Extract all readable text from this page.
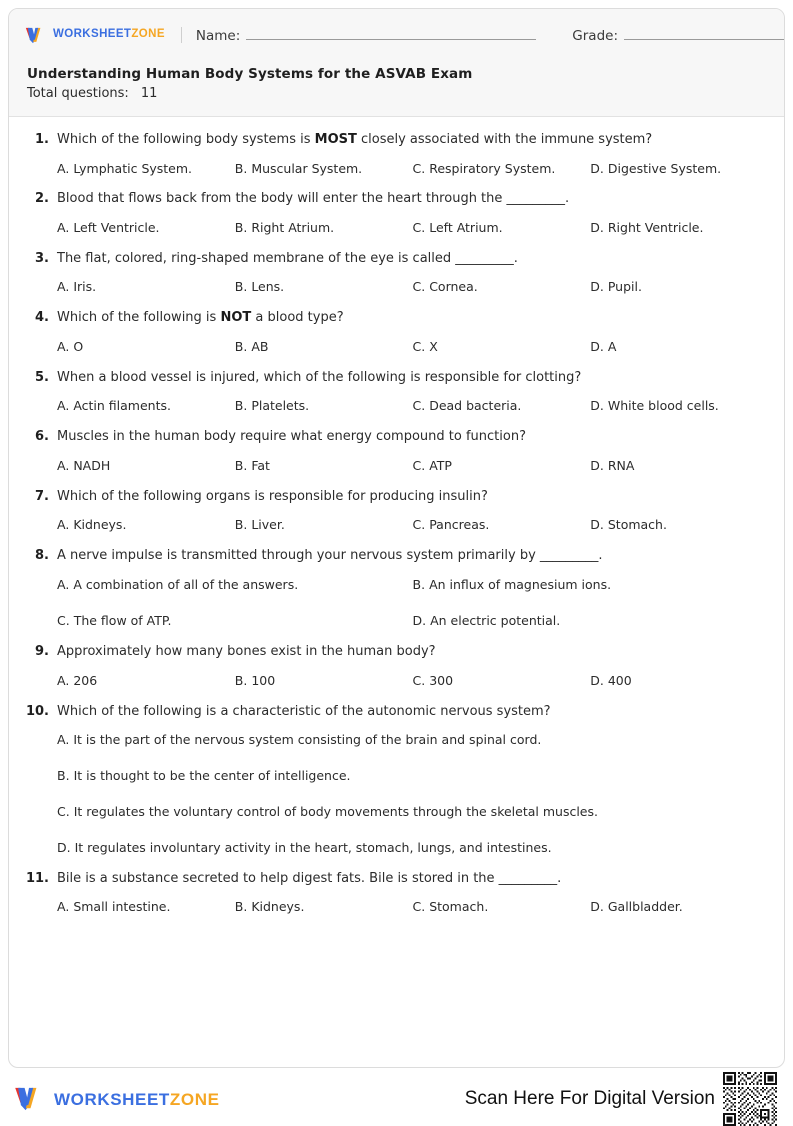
WORKSHEETZONE Name:	Grade:
Understanding Human Body Systems for the ASVAB Exam
Total questions: 11
1. Which of the following body systems is MOST closely associated with the immune system?
A. Lymphatic System.	B. Muscular System.	C. Respiratory System.	D. Digestive System.
2. Blood that flows back from the body will enter the heart through the _________.
A. Left Ventricle.	B. Right Atrium.	C. Left Atrium.	D. Right Ventricle.
3. The flat, colored, ring-shaped membrane of the eye is called _________.
A. Iris.	B. Lens.	C. Cornea.	D. Pupil.
4. Which of the following is NOT a blood type?
A. O	B. AB	C. X	D. A
5. When a blood vessel is injured, which of the following is responsible for clotting?
A. Actin filaments.	B. Platelets.	C. Dead bacteria.	D. White blood cells.
6. Muscles in the human body require what energy compound to function?
A. NADH	B. Fat	C. ATP	D. RNA
7. Which of the following organs is responsible for producing insulin?
A. Kidneys.	B. Liver.	C. Pancreas.	D. Stomach.
8. A nerve impulse is transmitted through your nervous system primarily by _________.
A. A combination of all of the answers.	B. An influx of magnesium ions.
C. The flow of ATP.	D. An electric potential.
9. Approximately how many bones exist in the human body?
A. 206	B. 100	C. 300	D. 400
10. Which of the following is a characteristic of the autonomic nervous system?
A. It is the part of the nervous system consisting of the brain and spinal cord.
B. It is thought to be the center of intelligence.
C. It regulates the voluntary control of body movements through the skeletal muscles.
D. It regulates involuntary activity in the heart, stomach, lungs, and intestines.
11. Bile is a substance secreted to help digest fats. Bile is stored in the _________.
A. Small intestine.	B. Kidneys.	C. Stomach.	D. Gallbladder.
WORKSHEETZONE	Scan Here For Digital Version
